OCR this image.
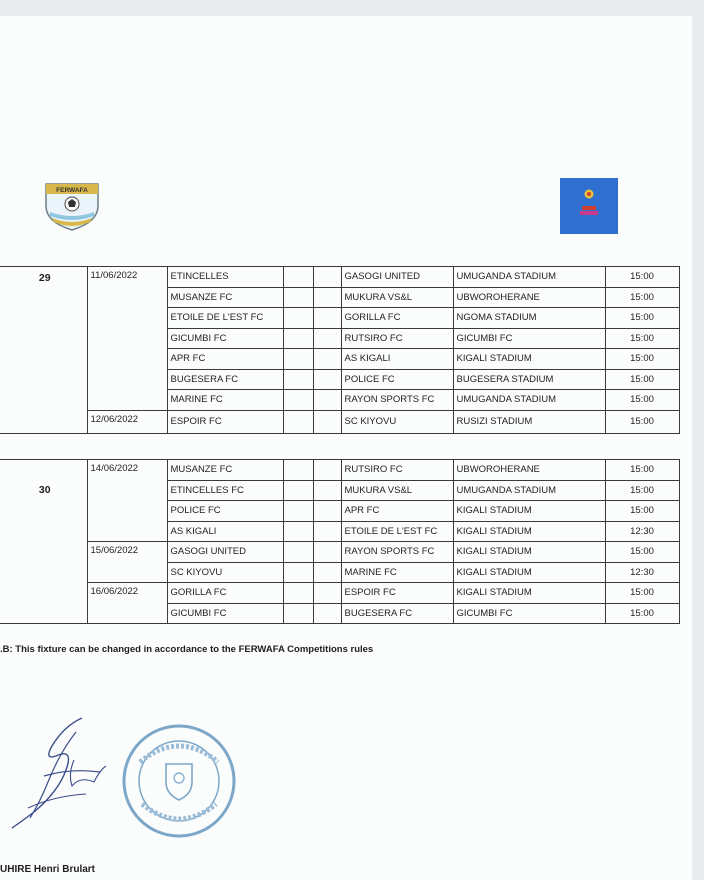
FERWAFA
29	11/06/2022	ETINCELLES			GASOGI UNITED	UMUGANDA STADIUM	15:00
		MUSANZE FC			MUKURA VS&L	UBWOROHERANE	15:00
		ETOILE DE L'EST FC			GORILLA FC	NGOMA STADIUM	15:00
		GICUMBI FC			RUTSIRO FC	GICUMBI FC	15:00
		APR FC			AS KIGALI	KIGALI STADIUM	15:00
		BUGESERA FC			POLICE FC	BUGESERA STADIUM	15:00
		MARINE FC			RAYON SPORTS FC	UMUGANDA STADIUM	15:00
	12/06/2022	ESPOIR FC			SC KIYOVU	RUSIZI STADIUM	15:00
30	14/06/2022	MUSANZE FC			RUTSIRO FC	UBWOROHERANE	15:00
		ETINCELLES FC			MUKURA VS&L	UMUGANDA STADIUM	15:00
		POLICE FC			APR FC	KIGALI STADIUM	15:00
		AS KIGALI			ETOILE DE L'EST FC	KIGALI STADIUM	12:30
	15/06/2022	GASOGI UNITED			RAYON SPORTS FC	KIGALI STADIUM	15:00
		SC KIYOVU			MARINE FC	KIGALI STADIUM	12:30
	16/06/2022	GORILLA FC			ESPOIR FC	KIGALI STADIUM	15:00
		GICUMBI FC			BUGESERA FC	GICUMBI FC	15:00
.B: This fixture can be changed in accordance to the FERWAFA Competitions rules
UHIRE Henri Brulart
